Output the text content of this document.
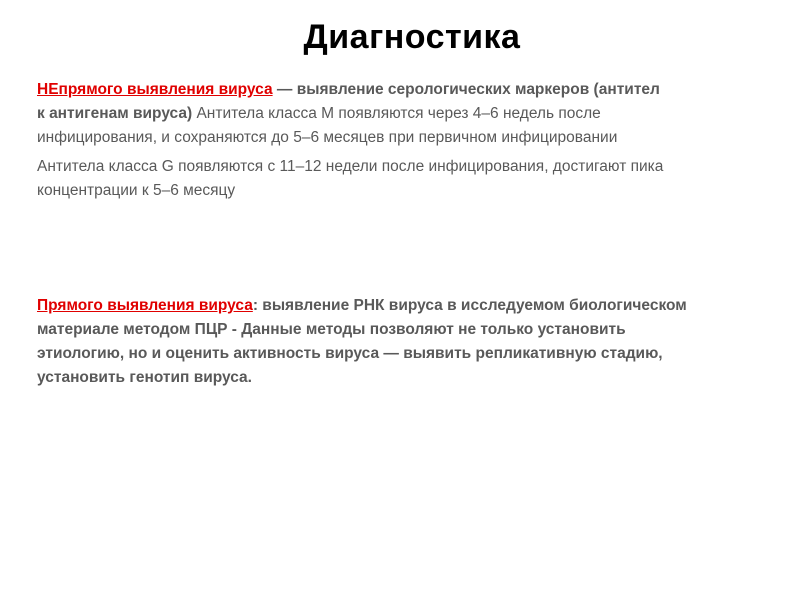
Диагностика
НЕпрямого выявления вируса — выявление серологических маркеров (антител
к антигенам вируса) Антитела класса М появляются через 4–6 недель после
инфицирования, и сохраняются до 5–6 месяцев при первичном инфицировании
Антитела класса G появляются с 11–12 недели после инфицирования, достигают пика
концентрации к 5–6 месяцу
Прямого выявления вируса: выявление РНК вируса в исследуемом биологическом
материале методом ПЦР - Данные методы позволяют не только установить
этиологию, но и оценить активность вируса — выявить репликативную стадию,
установить генотип вируса.
